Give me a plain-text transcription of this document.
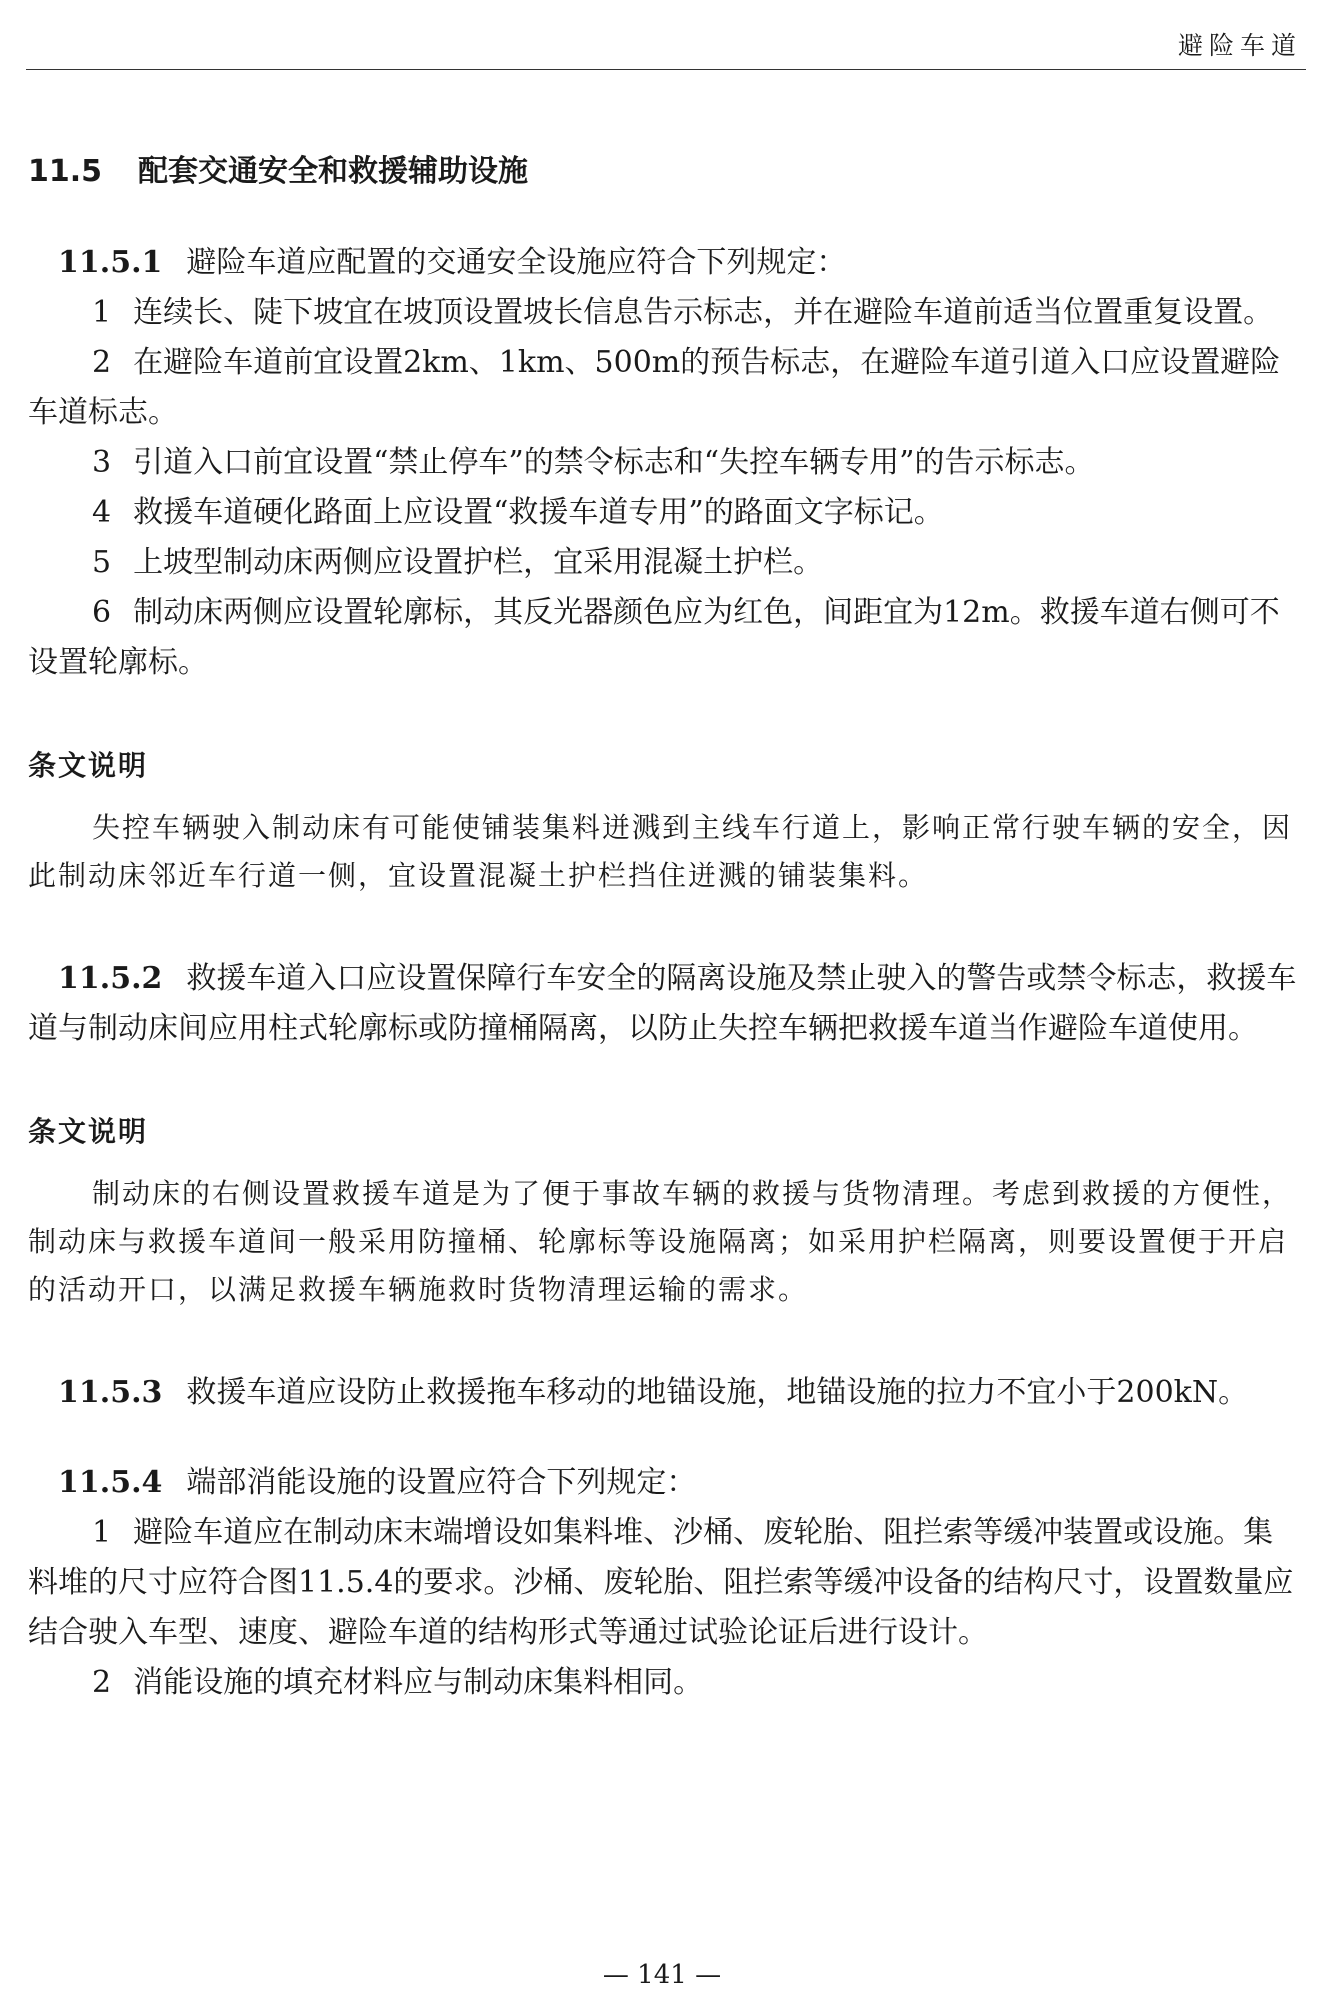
避险车道
11.5 配套交通安全和救援辅助设施

11.5.1 避险车道应配置的交通安全设施应符合下列规定：

1 连续长、陡下坡宜在坡顶设置坡长信息告示标志，并在避险车道前适当位置重复设置。

2 在避险车道前宜设置2km、1km、500m的预告标志，在避险车道引道入口应设置避险车道标志。

3 引道入口前宜设置“禁止停车”的禁令标志和“失控车辆专用”的告示标志。

4 救援车道硬化路面上应设置“救援车道专用”的路面文字标记。

5 上坡型制动床两侧应设置护栏，宜采用混凝土护栏。

6 制动床两侧应设置轮廓标，其反光器颜色应为红色，间距宜为12m。救援车道右侧可不设置轮廓标。

条文说明

失控车辆驶入制动床有可能使铺装集料迸溅到主线车行道上，影响正常行驶车辆的安全，因此制动床邻近车行道一侧，宜设置混凝土护栏挡住迸溅的铺装集料。

11.5.2 救援车道入口应设置保障行车安全的隔离设施及禁止驶入的警告或禁令标志，救援车道与制动床间应用柱式轮廓标或防撞桶隔离，以防止失控车辆把救援车道当作避险车道使用。

条文说明

制动床的右侧设置救援车道是为了便于事故车辆的救援与货物清理。考虑到救援的方便性，制动床与救援车道间一般采用防撞桶、轮廓标等设施隔离；如采用护栏隔离，则要设置便于开启的活动开口，以满足救援车辆施救时货物清理运输的需求。

11.5.3 救援车道应设防止救援拖车移动的地锚设施，地锚设施的拉力不宜小于200kN。

11.5.4 端部消能设施的设置应符合下列规定：

1 避险车道应在制动床末端增设如集料堆、沙桶、废轮胎、阻拦索等缓冲装置或设施。集料堆的尺寸应符合图11.5.4的要求。沙桶、废轮胎、阻拦索等缓冲设备的结构尺寸，设置数量应结合驶入车型、速度、避险车道的结构形式等通过试验论证后进行设计。

2 消能设施的填充材料应与制动床集料相同。

— 141 —
